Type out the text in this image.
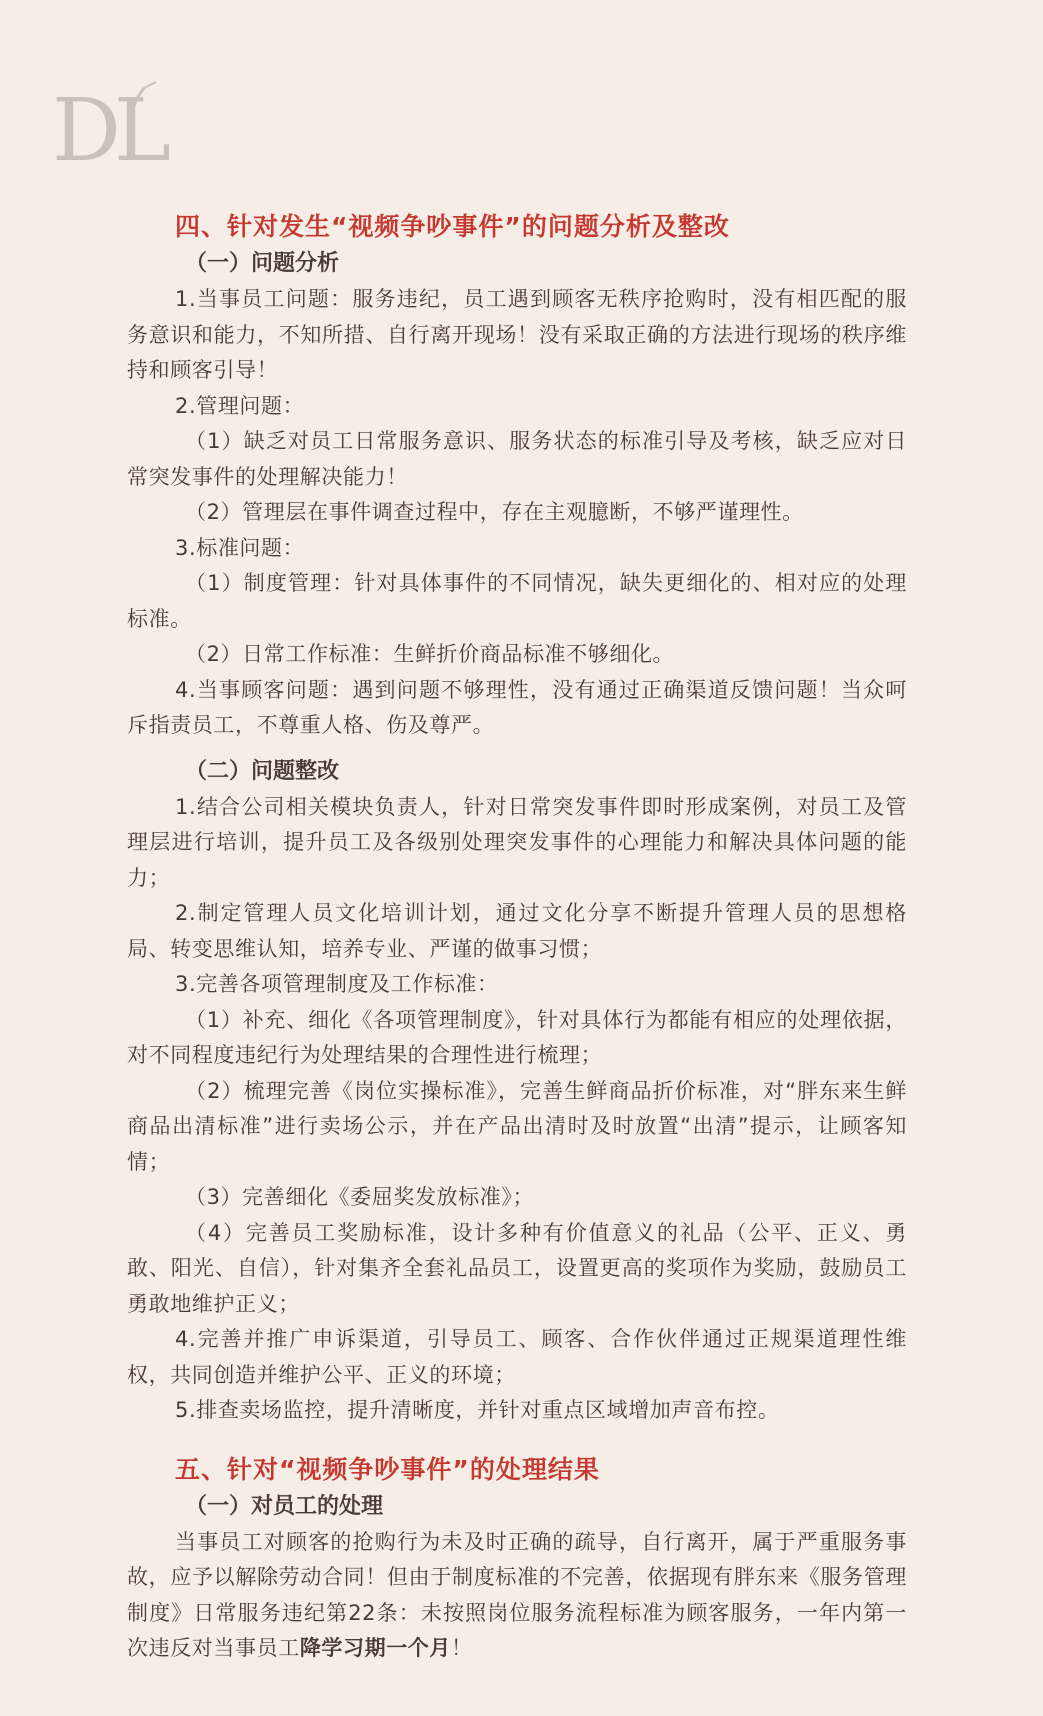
D L
四、针对发生“视频争吵事件”的问题分析及整改
（一）问题分析

1.当事员工问题：服务违纪，员工遇到顾客无秩序抢购时，没有相匹配的服务意识和能力，不知所措、自行离开现场！没有采取正确的方法进行现场的秩序维持和顾客引导！

2.管理问题：

（1）缺乏对员工日常服务意识、服务状态的标准引导及考核，缺乏应对日常突发事件的处理解决能力！

（2）管理层在事件调查过程中，存在主观臆断，不够严谨理性。

3.标准问题：

（1）制度管理：针对具体事件的不同情况，缺失更细化的、相对应的处理标准。

（2）日常工作标准：生鲜折价商品标准不够细化。

4.当事顾客问题：遇到问题不够理性，没有通过正确渠道反馈问题！当众呵斥指责员工，不尊重人格、伤及尊严。

（二）问题整改

1.结合公司相关模块负责人，针对日常突发事件即时形成案例，对员工及管理层进行培训，提升员工及各级别处理突发事件的心理能力和解决具体问题的能力；

2.制定管理人员文化培训计划，通过文化分享不断提升管理人员的思想格局、转变思维认知，培养专业、严谨的做事习惯；

3.完善各项管理制度及工作标准：

（1）补充、细化《各项管理制度》，针对具体行为都能有相应的处理依据，对不同程度违纪行为处理结果的合理性进行梳理；

（2）梳理完善《岗位实操标准》，完善生鲜商品折价标准，对“胖东来生鲜商品出清标准”进行卖场公示，并在产品出清时及时放置“出清”提示，让顾客知情；

（3）完善细化《委屈奖发放标准》；

（4）完善员工奖励标准，设计多种有价值意义的礼品（公平、正义、勇敢、阳光、自信），针对集齐全套礼品员工，设置更高的奖项作为奖励，鼓励员工勇敢地维护正义；

4.完善并推广申诉渠道，引导员工、顾客、合作伙伴通过正规渠道理性维权，共同创造并维护公平、正义的环境；

5.排查卖场监控，提升清晰度，并针对重点区域增加声音布控。

五、针对“视频争吵事件”的处理结果
（一）对员工的处理

当事员工对顾客的抢购行为未及时正确的疏导，自行离开，属于严重服务事故，应予以解除劳动合同！但由于制度标准的不完善，依据现有胖东来《服务管理制度》日常服务违纪第22条：未按照岗位服务流程标准为顾客服务，一年内第一次违反对当事员工降学习期一个月！
